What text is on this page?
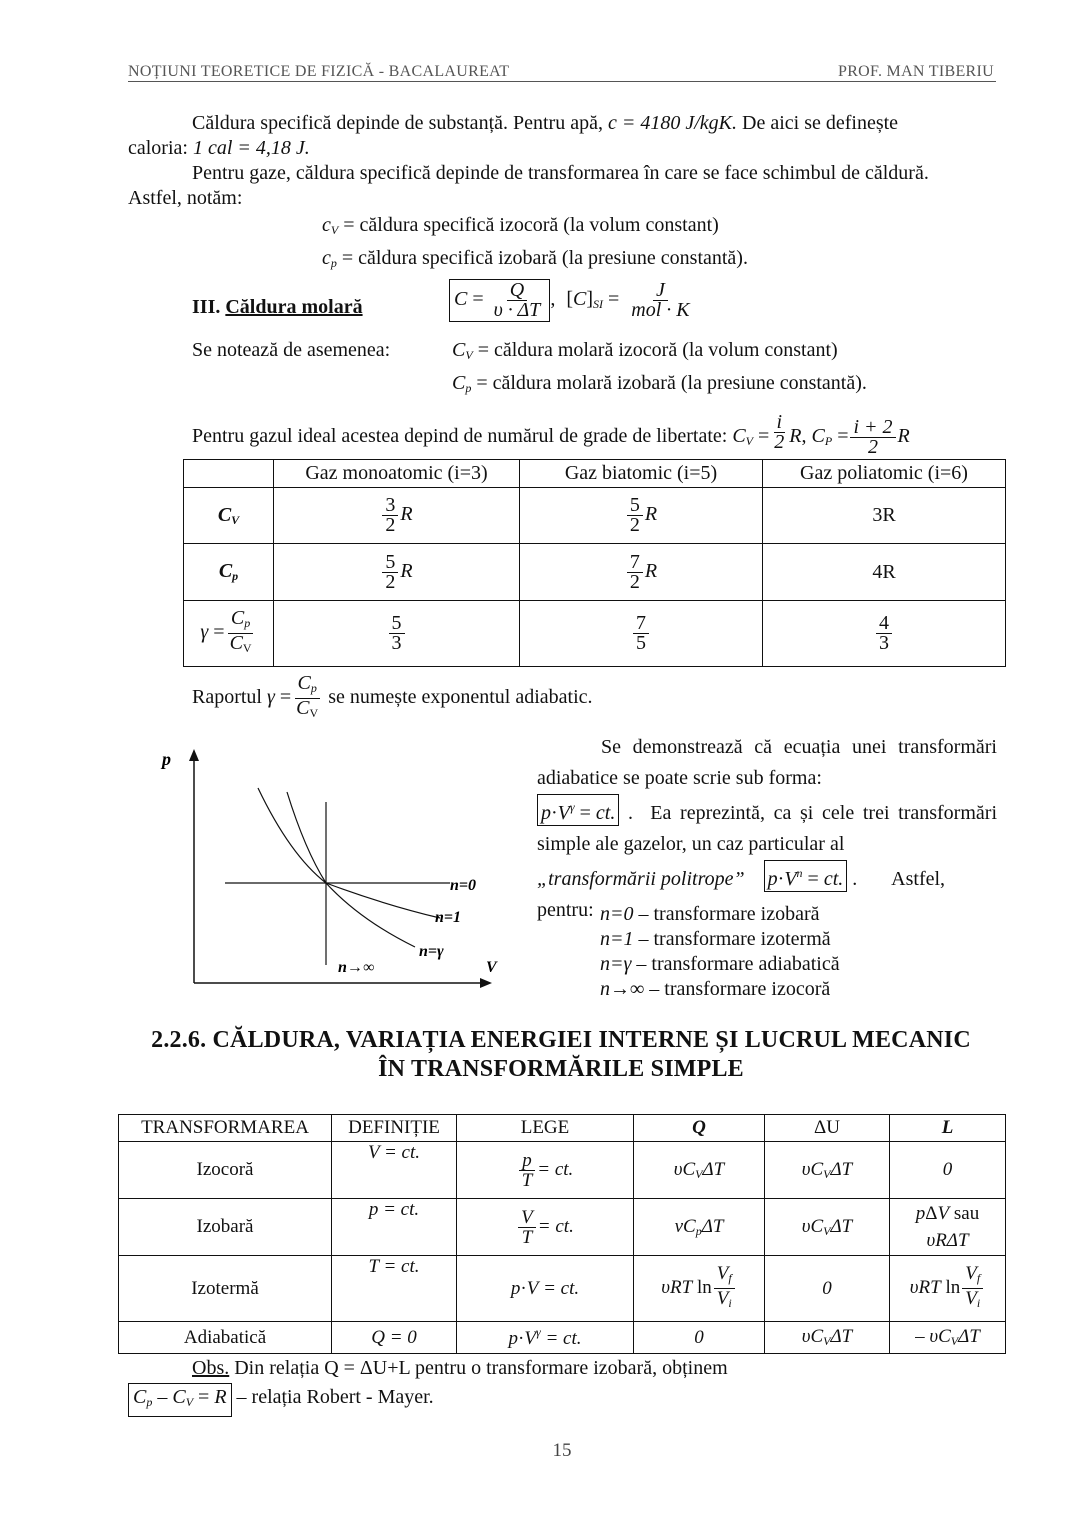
NOȚIUNI TEORETICE DE FIZICĂ - BACALAUREAT	PROF. MAN TIBERIU
Căldura specifică depinde de substanță. Pentru apă, c = 4180 J/kgK. De aici se definește
caloria: 1 cal = 4,18 J.
Pentru gaze, căldura specifică depinde de transformarea în care se face schimbul de căldură.
Astfel, notăm:
$c_V$ = căldura specifică izocoră (la volum constant)
$c_p$ = căldura specifică izobară (la presiune constantă).
III. Căldura molară	$C = \frac{Q}{\upsilon \cdot \Delta T}$ , $[C]_{SI} = \frac{J}{\text{mol · K}}$
Se notează de asemenea:	$C_V$ = căldura molară izocoră (la volum constant)
$C_p$ = căldura molară izobară (la presiune constantă).
Pentru gazul ideal acestea depind de numărul de grade de libertate: $C_V = \frac{i}{2} R$, $C_P = \frac{i + 2}{2}$ R
	Gaz monoatomic (i=3)	Gaz biatomic (i=5)	Gaz poliatomic (i=6)
$C_V$	$\frac{3}{2}$ R	$\frac{5}{2}$ R	3R
$C_p$	$\frac{5}{2}$ R	$\frac{7}{2}$ R	4R
$\gamma = \frac{C_p}{C_V}$	$\frac{5}{3}$	$\frac{7}{5}$	$\frac{4}{3}$
Raportul $\gamma = \frac{C_p}{C_V}$ se numește exponentul adiabatic.
p
V
n=0
n=1
n=γ
n→∞
Se demonstrează că ecuația unei transformări adiabatice se poate scrie sub forma:
$p\cdot V^\gamma$ = ct. .  Ea reprezintă, ca și cele trei transformări simple ale gazelor, un caz particular al
„transformării politrope” $p\cdot V^n$ = ct. .       Astfel,
pentru: n=0 – transformare izobară
n=1 – transformare izotermă
n=γ – transformare adiabatică
n→∞ – transformare izocoră
2.2.6. CĂLDURA, VARIAȚIA ENERGIEI INTERNE ȘI LUCRUL MECANIC
ÎN TRANSFORMĂRILE SIMPLE
TRANSFORMAREA	DEFINIȚIE	LEGE	Q	ΔU	L
Izocoră	V = ct.	$\frac{p}{T}$ = ct.	$\upsilon C_V\Delta T$	$\upsilon C_V\Delta T$	0
Izobară	p = ct.	$\frac{V}{T}$ = ct.	$\nu C_p\Delta T$	$\upsilon C_V\Delta T$	pΔV sau
υRΔT
Izotermă	T = ct.	p·V = ct.	υRT $\ln \frac{V_f}{V_i}$	0	υRT $\ln \frac{V_f}{V_i}$

Adiabatică	Q = 0	$p\cdot V^\gamma$ = ct.	0	$\upsilon C_V\Delta T$	– $\upsilon C_V\Delta T$
Obs. Din relația Q = ΔU+L pentru o transformare izobară, obținem
$C_p - C_V = R$ – relația Robert - Mayer.
15
